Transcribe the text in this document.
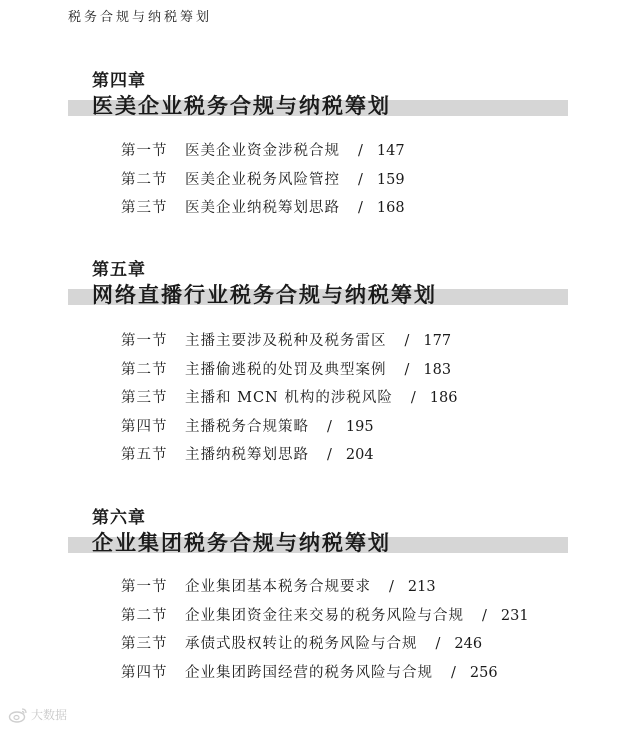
税务合规与纳税筹划
第四章
医美企业税务合规与纳税筹划
第一节 医美企业资金涉税合规 / 147
第二节 医美企业税务风险管控 / 159
第三节 医美企业纳税筹划思路 / 168
第五章
网络直播行业税务合规与纳税筹划
第一节 主播主要涉及税种及税务雷区 / 177
第二节 主播偷逃税的处罚及典型案例 / 183
第三节 主播和 MCN 机构的涉税风险 / 186
第四节 主播税务合规策略 / 195
第五节 主播纳税筹划思路 / 204
第六章
企业集团税务合规与纳税筹划
第一节 企业集团基本税务合规要求 / 213
第二节 企业集团资金往来交易的税务风险与合规 / 231
第三节 承债式股权转让的税务风险与合规 / 246
第四节 企业集团跨国经营的税务风险与合规 / 256
大数据
